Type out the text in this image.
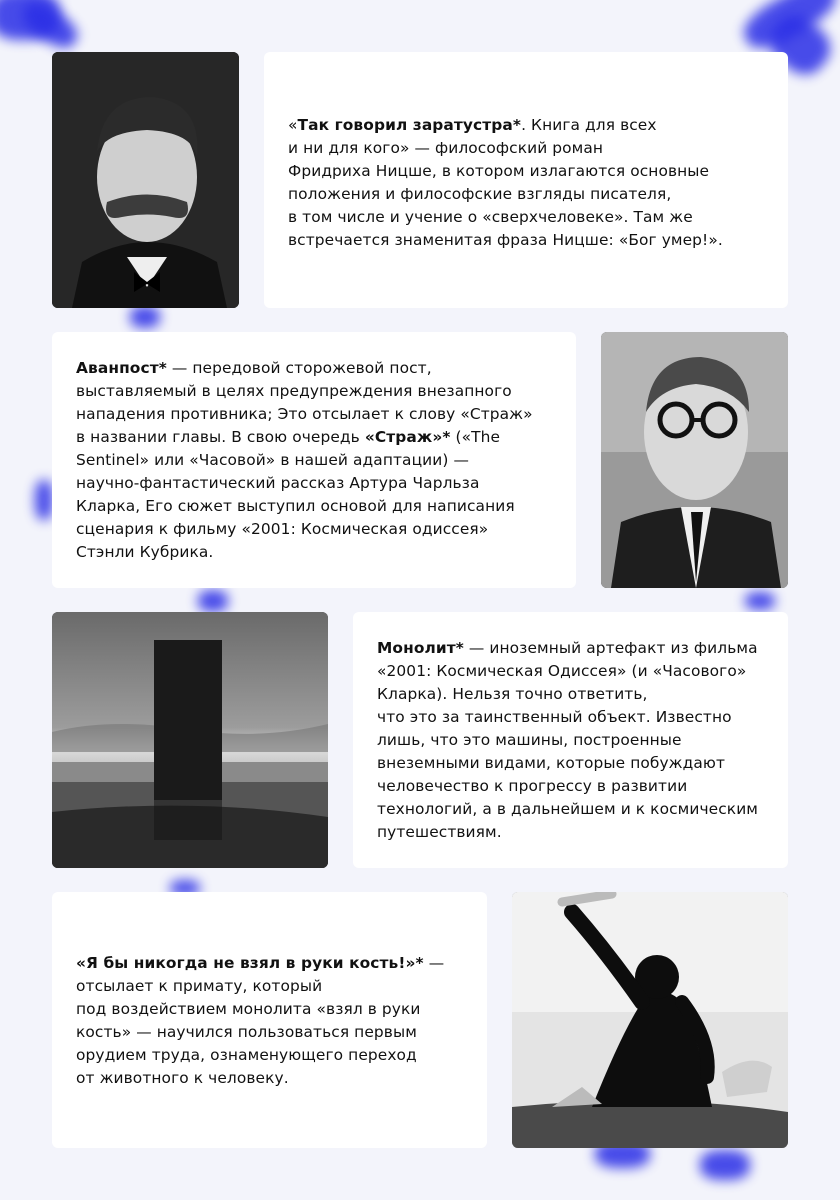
«Так говорил заратустра*. Книга для всех
и ни для кого» — философский роман
Фридриха Ницше, в котором излагаются основные
положения и философские взгляды писателя,
в том числе и учение о «сверхчеловеке». Там же
встречается знаменитая фраза Ницше: «Бог умер!».
Аванпост* — передовой сторожевой пост,
выставляемый в целях предупреждения внезапного
нападения противника; Это отсылает к слову «Страж»
в названии главы. В свою очередь «Страж»* («The
Sentinel» или «Часовой» в нашей адаптации) —
научно-фантастический рассказ Артура Чарльза
Кларка, Его сюжет выступил основой для написания
сценария к фильму «2001: Космическая одиссея»
Стэнли Кубрика.
Монолит* — иноземный артефакт из фильма
«2001: Космическая Одиссея» (и «Часового»
Кларка). Нельзя точно ответить,
что это за таинственный объект. Известно
лишь, что это машины, построенные
внеземными видами, которые побуждают
человечество к прогрессу в развитии
технологий, а в дальнейшем и к космическим
путешествиям.
«Я бы никогда не взял в руки кость!»* —
отсылает к примату, который
под воздействием монолита «взял в руки
кость» — научился пользоваться первым
орудием труда, ознаменующего переход
от животного к человеку.
